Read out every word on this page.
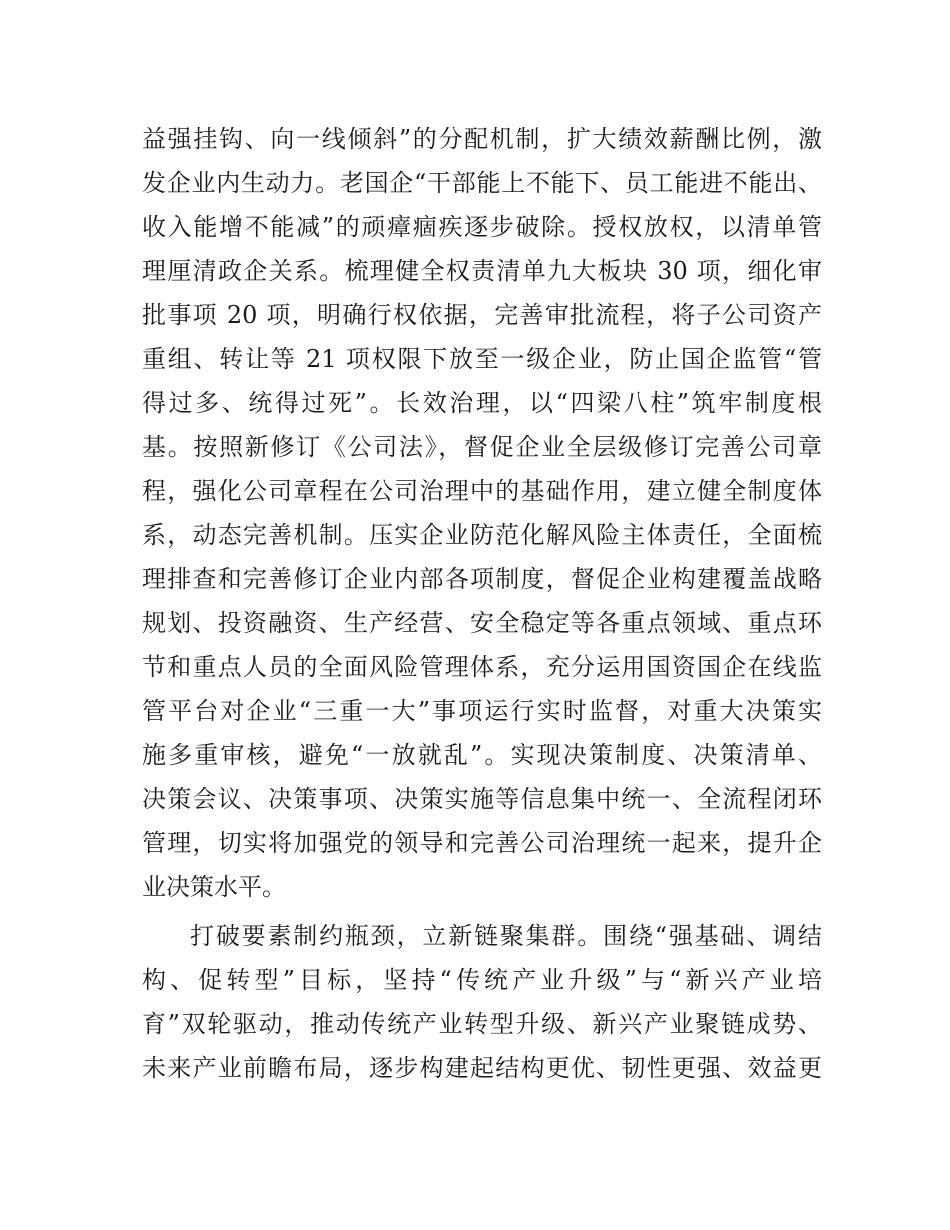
益强挂钩、向一线倾斜”的分配机制，扩大绩效薪酬比例，激
发企业内生动力。老国企“干部能上不能下、员工能进不能出、
收入能增不能减”的顽瘴痼疾逐步破除。授权放权，以清单管
理厘清政企关系。梳理健全权责清单九大板块 30 项，细化审
批事项 20 项，明确行权依据，完善审批流程，将子公司资产
重组、转让等 21 项权限下放至一级企业，防止国企监管“管
得过多、统得过死”。长效治理，以“四梁八柱”筑牢制度根
基。按照新修订《公司法》，督促企业全层级修订完善公司章
程，强化公司章程在公司治理中的基础作用，建立健全制度体
系，动态完善机制。压实企业防范化解风险主体责任，全面梳
理排查和完善修订企业内部各项制度，督促企业构建覆盖战略
规划、投资融资、生产经营、安全稳定等各重点领域、重点环
节和重点人员的全面风险管理体系，充分运用国资国企在线监
管平台对企业“三重一大”事项运行实时监督，对重大决策实
施多重审核，避免“一放就乱”。实现决策制度、决策清单、
决策会议、决策事项、决策实施等信息集中统一、全流程闭环
管理，切实将加强党的领导和完善公司治理统一起来，提升企
业决策水平。
打破要素制约瓶颈，立新链聚集群。围绕“强基础、调结
构、促转型”目标，坚持“传统产业升级”与“新兴产业培
育”双轮驱动，推动传统产业转型升级、新兴产业聚链成势、
未来产业前瞻布局，逐步构建起结构更优、韧性更强、效益更
